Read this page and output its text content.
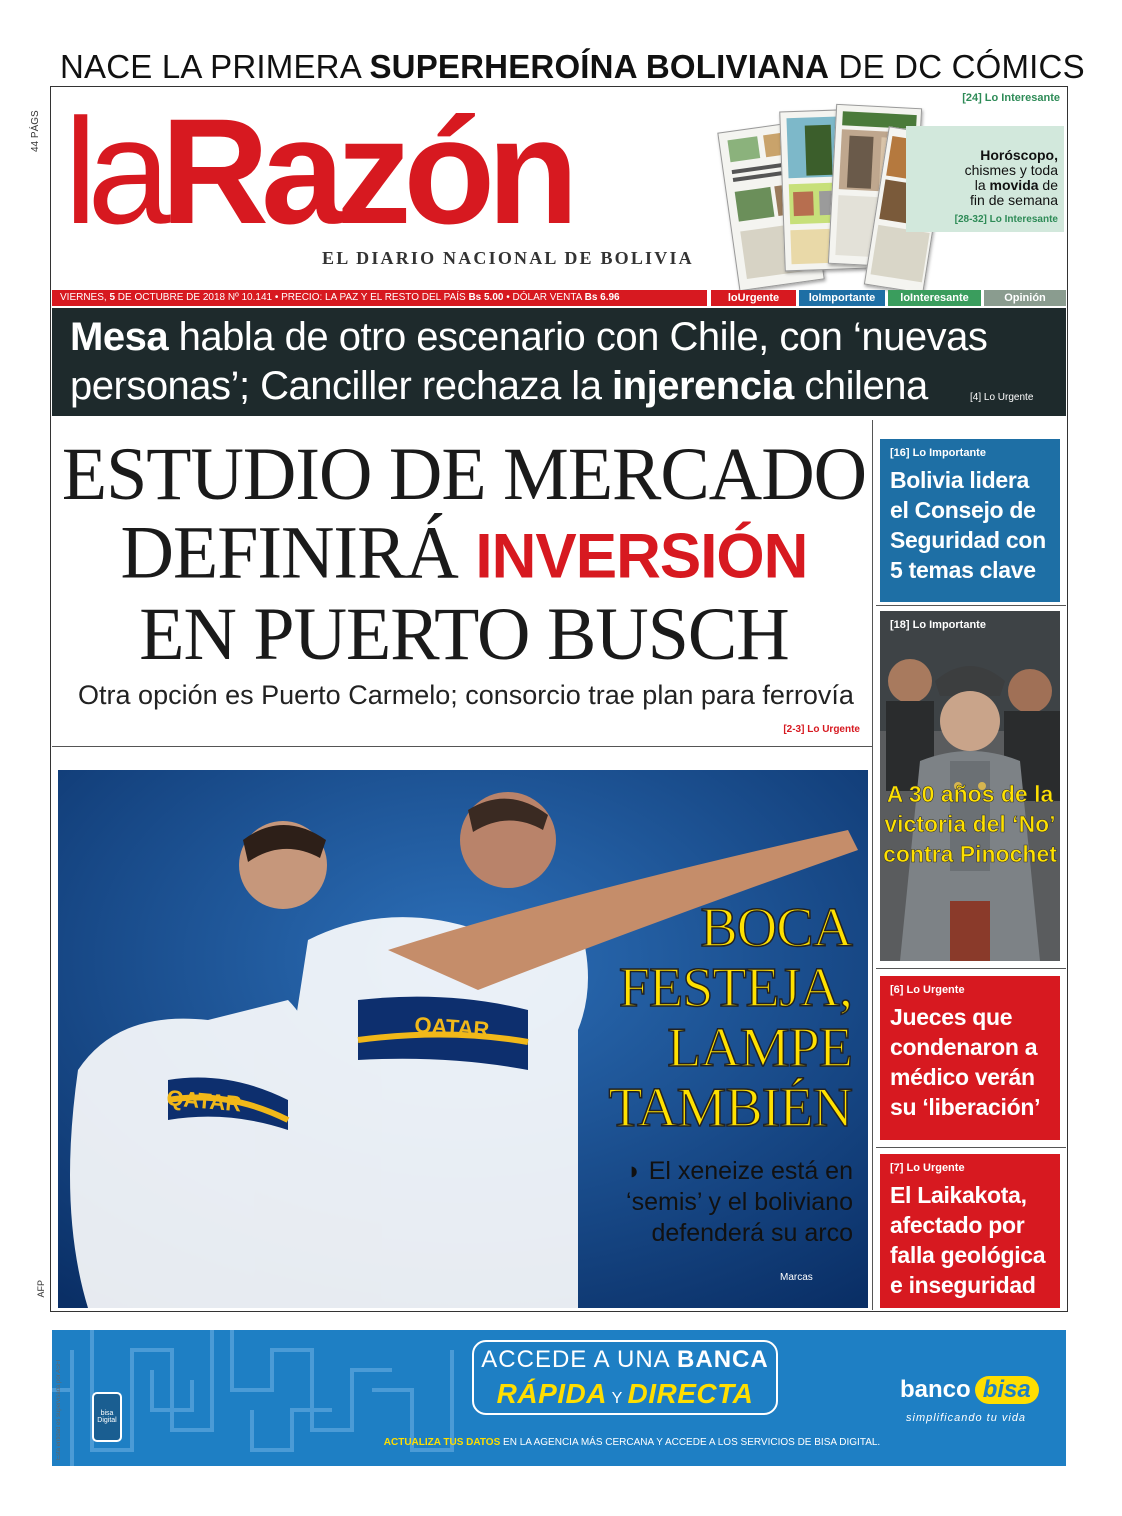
NACE LA PRIMERA SUPERHEROÍNA BOLIVIANA DE DC CÓMICS
44 PÁGS laRazón
EL DIARIO NACIONAL DE BOLIVIA
[24] Lo Interesante
Horóscopo,
chismes y toda
la movida de
fin de semana
[28-32] Lo Interesante
VIERNES, 5 DE OCTUBRE DE 2018 Nº 10.141 • PRECIO: LA PAZ Y EL RESTO DEL PAÍS Bs 5.00 • DÓLAR VENTA Bs 6.96	loUrgente	loImportante	loInteresante	Opinión
Mesa habla de otro escenario con Chile, con ‘nuevas personas’; Canciller rechaza la injerencia chilena	[4] Lo Urgente
ESTUDIO DE MERCADO
DEFINIRÁ INVERSIÓN
EN PUERTO BUSCH
Otra opción es Puerto Carmelo; consorcio trae plan para ferrovía
[2-3] Lo Urgente
QATAR
QATAR
AFP
BOCA
FESTEJA,
LAMPE
TAMBIÉN
◗ El xeneize está en ‘semis’ y el boliviano defenderá su arco
Marcas
[16] Lo Importante
Bolivia lidera el Consejo de Seguridad con 5 temas clave
[18] Lo Importante
A 30 años de la victoria del ‘No’ contra Pinochet
[6] Lo Urgente
Jueces que condenaron a médico verán su ‘liberación’
[7] Lo Urgente
El Laikakota, afectado por falla geológica e inseguridad
Esta entidad es supervisada por ASFI	bisa Digital
ACCEDE A UNA BANCA
RÁPIDA Y DIRECTA
ACTUALIZA TUS DATOS EN LA AGENCIA MÁS CERCANA Y ACCEDE A LOS SERVICIOS DE BISA DIGITAL.
banco bisa
simplificando tu vida
